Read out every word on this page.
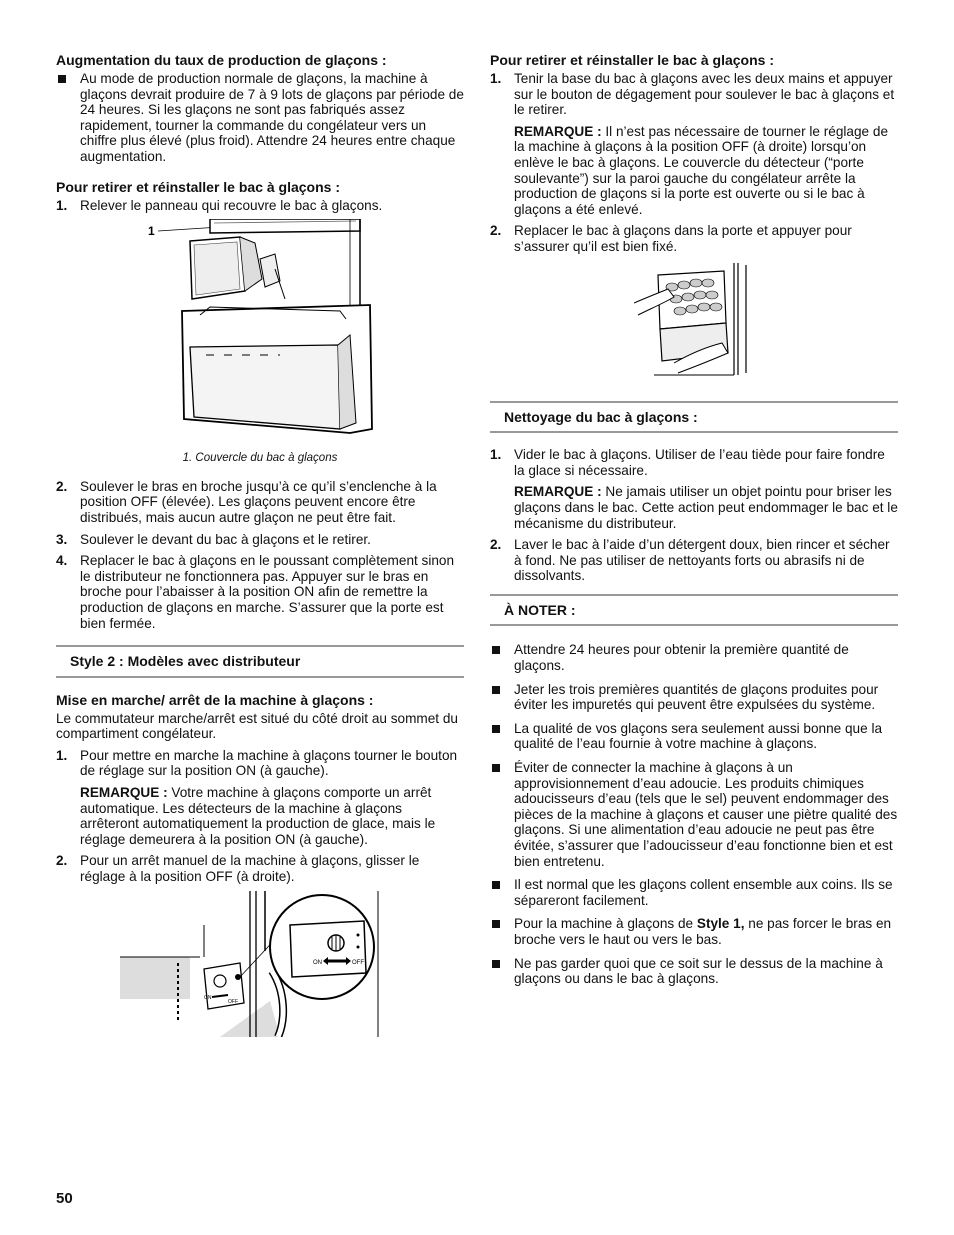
Augmentation du taux de production de glaçons :
Au mode de production normale de glaçons, la machine à glaçons devrait produire de 7 à 9 lots de glaçons par période de 24 heures. Si les glaçons ne sont pas fabriqués assez rapidement, tourner la commande du congélateur vers un chiffre plus élevé (plus froid). Attendre 24 heures entre chaque augmentation.
Pour retirer et réinstaller le bac à glaçons :
1. Relever le panneau qui recouvre le bac à glaçons.
1
1. Couvercle du bac à glaçons
2. Soulever le bras en broche jusqu’à ce qu’il s’enclenche à la position OFF (élevée). Les glaçons peuvent encore être distribués, mais aucun autre glaçon ne peut être fait.
3. Soulever le devant du bac à glaçons et le retirer.
4. Replacer le bac à glaçons en le poussant complètement sinon le distributeur ne fonctionnera pas. Appuyer sur le bras en broche pour l’abaisser à la position ON afin de remettre la production de glaçons en marche. S’assurer que la porte est bien fermée.
Style 2 : Modèles avec distributeur
Mise en marche/ arrêt de la machine à glaçons :

Le commutateur marche/arrêt est situé du côté droit au sommet du compartiment congélateur.

1. Pour mettre en marche la machine à glaçons tourner le bouton de réglage sur la position ON (à gauche).
REMARQUE : Votre machine à glaçons comporte un arrêt automatique. Les détecteurs de la machine à glaçons arrêteront automatiquement la production de glace, mais le réglage demeurera à la position ON (à gauche).
2. Pour un arrêt manuel de la machine à glaçons, glisser le réglage à la position OFF (à droite).
ON
OFF
ON	OFF
Pour retirer et réinstaller le bac à glaçons :
1. Tenir la base du bac à glaçons avec les deux mains et appuyer sur le bouton de dégagement pour soulever le bac à glaçons et le retirer.
REMARQUE : Il n’est pas nécessaire de tourner le réglage de la machine à glaçons à la position OFF (à droite) lorsqu’on enlève le bac à glaçons. Le couvercle du détecteur (“porte soulevante”) sur la paroi gauche du congélateur arrête la production de glaçons si la porte est ouverte ou si le bac à glaçons a été enlevé.
2. Replacer le bac à glaçons dans la porte et appuyer pour s’assurer qu’il est bien fixé.
Nettoyage du bac à glaçons :
1. Vider le bac à glaçons. Utiliser de l’eau tiède pour faire fondre la glace si nécessaire.
REMARQUE : Ne jamais utiliser un objet pointu pour briser les glaçons dans le bac. Cette action peut endommager le bac et le mécanisme du distributeur.
2. Laver le bac à l’aide d’un détergent doux, bien rincer et sécher à fond. Ne pas utiliser de nettoyants forts ou abrasifs ni de dissolvants.
À NOTER :
Attendre 24 heures pour obtenir la première quantité de glaçons.
Jeter les trois premières quantités de glaçons produites pour éviter les impuretés qui peuvent être expulsées du système.
La qualité de vos glaçons sera seulement aussi bonne que la qualité de l’eau fournie à votre machine à glaçons.
Éviter de connecter la machine à glaçons à un approvisionnement d’eau adoucie. Les produits chimiques adoucisseurs d’eau (tels que le sel) peuvent endommager des pièces de la machine à glaçons et causer une piètre qualité des glaçons. Si une alimentation d’eau adoucie ne peut pas être évitée, s’assurer que l’adoucisseur d’eau fonctionne bien et est bien entretenu.
Il est normal que les glaçons collent ensemble aux coins. Ils se sépareront facilement.
Pour la machine à glaçons de Style 1, ne pas forcer le bras en broche vers le haut ou vers le bas.
Ne pas garder quoi que ce soit sur le dessus de la machine à glaçons ou dans le bac à glaçons.
50
